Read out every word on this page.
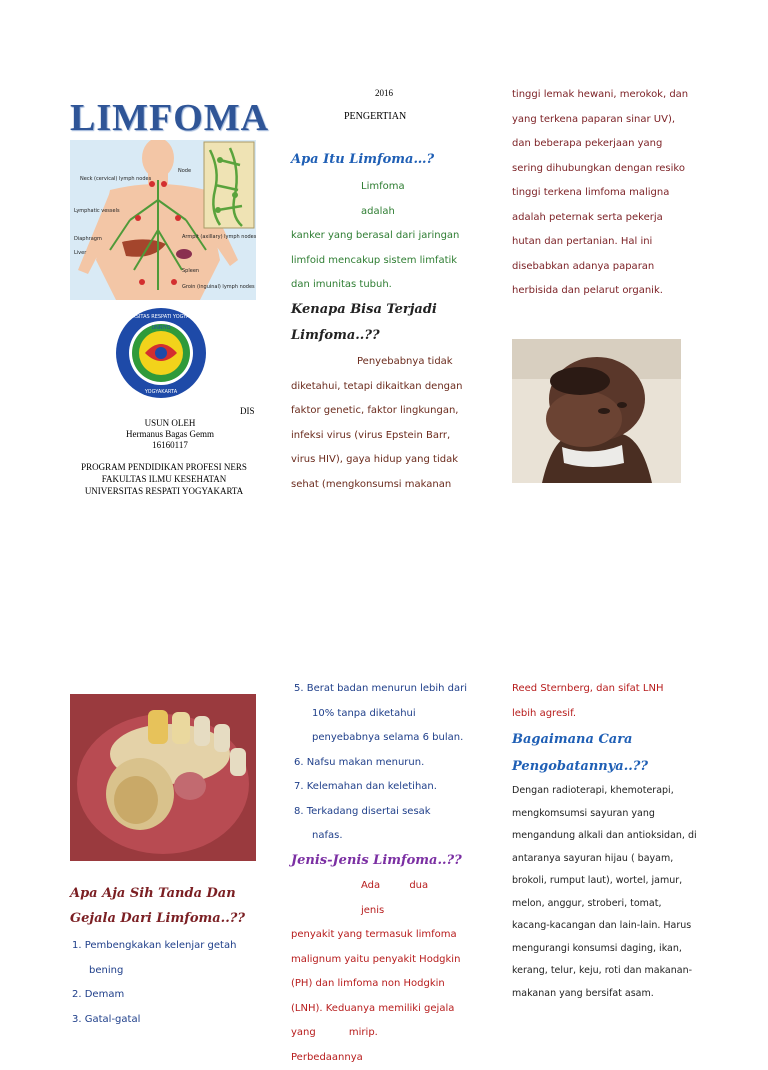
LIMFOMA
Neck (cervical) lymph nodes
Node
Lymphatic vessels
Diaphragm
Liver
Armpit (axillary) lymph nodes
Spleen
Groin (inguinal) lymph nodes
UNIVERSITAS RESPATI YOGYAKARTA
UNRIYO
YOGYAKARTA
DIS
USUN OLEH
Hermanus Bagas Gemm
16160117
PROGRAM PENDIDIKAN PROFESI NERS
FAKULTAS ILMU KESEHATAN
UNIVERSITAS RESPATI YOGYAKARTA
2016
PENGERTIAN
Apa Itu Limfoma…?
Limfoma adalah
kanker yang berasal dari jaringan
limfoid mencakup sistem limfatik
dan imunitas tubuh.
Kenapa Bisa Terjadi
Limfoma..??
Penyebabnya tidak
diketahui, tetapi dikaitkan dengan
faktor genetic, faktor lingkungan,
infeksi virus (virus Epstein Barr,
virus HIV), gaya hidup yang tidak
sehat (mengkonsumsi makanan
tinggi lemak hewani, merokok, dan
yang terkena paparan sinar UV),
dan beberapa pekerjaan yang
sering dihubungkan dengan resiko
tinggi terkena limfoma maligna
adalah peternak serta pekerja
hutan dan pertanian. Hal ini
disebabkan adanya paparan
herbisida dan pelarut organik.
Apa Aja Sih Tanda Dan
Gejala Dari Limfoma..??
1. Pembengkakan kelenjar getah
bening
2. Demam
3. Gatal-gatal
5. Berat badan menurun lebih dari
10% tanpa diketahui
penyebabnya selama 6 bulan.
6. Nafsu makan menurun.
7. Kelemahan dan keletihan.
8. Terkadang disertai sesak
nafas.
Jenis-Jenis Limfoma..??
Ada dua jenis
penyakit yang termasuk limfoma
malignum yaitu penyakit Hodgkin
(PH) dan limfoma non Hodgkin
(LNH). Keduanya memiliki gejala
yang mirip. Perbedaannya
Reed Sternberg, dan sifat LNH
lebih agresif.
Bagaimana Cara
Pengobatannya..??
Dengan radioterapi, khemoterapi,
mengkomsumsi sayuran yang
mengandung alkali dan antioksidan, di
antaranya sayuran hijau ( bayam,
brokoli, rumput laut), wortel, jamur,
melon, anggur, stroberi, tomat,
kacang-kacangan dan lain-lain. Harus
mengurangi konsumsi daging, ikan,
kerang, telur, keju, roti dan makanan-
makanan yang bersifat asam.
